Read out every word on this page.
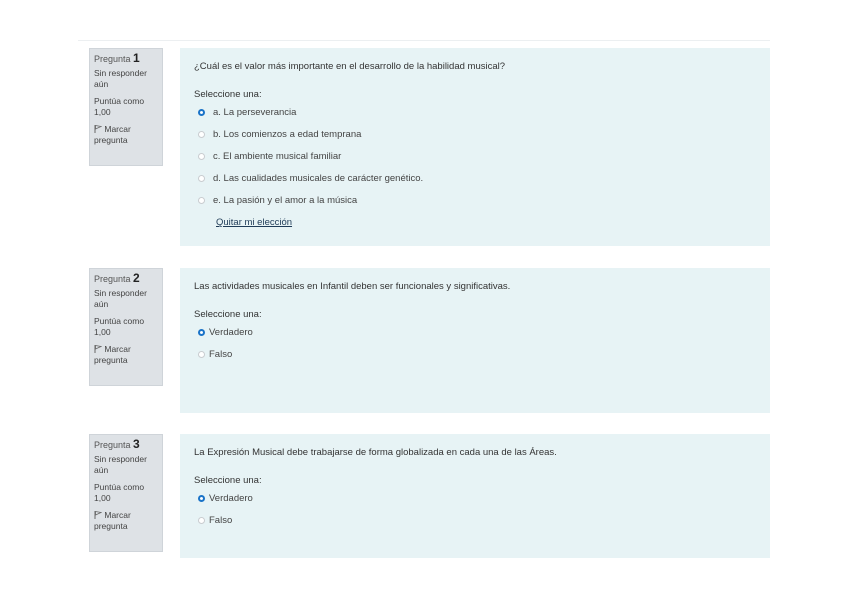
Pregunta 1
Sin responder aún
Puntúa como 1,00
Marcar pregunta
¿Cuál es el valor más importante en el desarrollo de la habilidad musical?
Seleccione una:
a. La perseverancia
b. Los comienzos a edad temprana
c. El ambiente musical familiar
d. Las cualidades musicales de carácter genético.
e. La pasión y el amor a la música
Quitar mi elección
Pregunta 2
Sin responder aún
Puntúa como 1,00
Marcar pregunta
Las actividades musicales en Infantil deben ser funcionales y significativas.
Seleccione una:
Verdadero
Falso
Pregunta 3
Sin responder aún
Puntúa como 1,00
Marcar pregunta
La Expresión Musical debe trabajarse de forma globalizada en cada una de las Áreas.
Seleccione una:
Verdadero
Falso
